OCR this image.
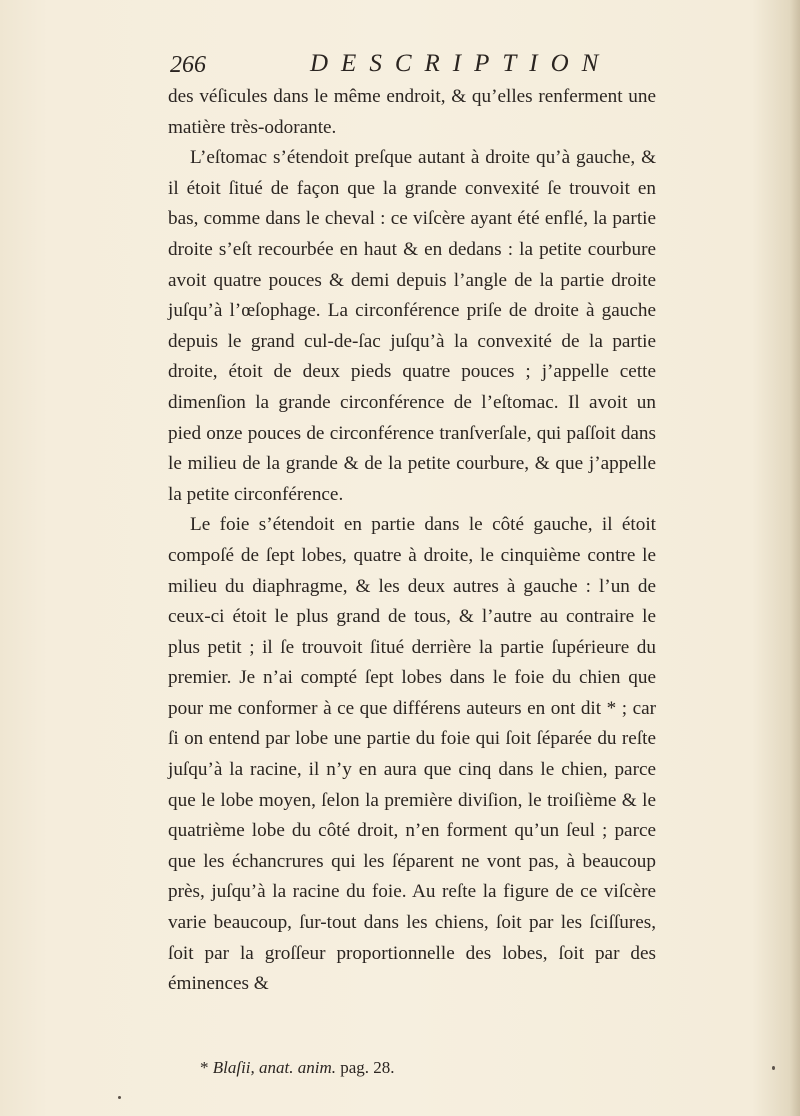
266	DESCRIPTION

des véſicules dans le même endroit, & qu’elles renferment une matière très-odorante.

L’eſtomac s’étendoit preſque autant à droite qu’à gauche, & il étoit ſitué de façon que la grande convexité ſe trouvoit en bas, comme dans le cheval : ce viſcère ayant été enflé, la partie droite s’eſt recourbée en haut & en dedans : la petite courbure avoit quatre pouces & demi depuis l’angle de la partie droite juſqu’à l’œſophage. La circonférence priſe de droite à gauche depuis le grand cul-de-ſac juſqu’à la convexité de la partie droite, étoit de deux pieds quatre pouces ; j’appelle cette dimenſion la grande circonférence de l’eſtomac. Il avoit un pied onze pouces de circonférence tranſverſale, qui paſſoit dans le milieu de la grande & de la petite courbure, & que j’appelle la petite circonférence.

Le foie s’étendoit en partie dans le côté gauche, il étoit compoſé de ſept lobes, quatre à droite, le cinquième contre le milieu du diaphragme, & les deux autres à gauche : l’un de ceux-ci étoit le plus grand de tous, & l’autre au contraire le plus petit ; il ſe trouvoit ſitué derrière la partie ſupérieure du premier. Je n’ai compté ſept lobes dans le foie du chien que pour me conformer à ce que différens auteurs en ont dit * ; car ſi on entend par lobe une partie du foie qui ſoit ſéparée du reſte juſqu’à la racine, il n’y en aura que cinq dans le chien, parce que le lobe moyen, ſelon la première diviſion, le troiſième & le quatrième lobe du côté droit, n’en forment qu’un ſeul ; parce que les échancrures qui les ſéparent ne vont pas, à beaucoup près, juſqu’à la racine du foie. Au reſte la figure de ce viſcère varie beaucoup, ſur-tout dans les chiens, ſoit par les ſciſſures, ſoit par la groſſeur proportionnelle des lobes, ſoit par des éminences &

* Blaſii, anat. anim. pag. 28.
